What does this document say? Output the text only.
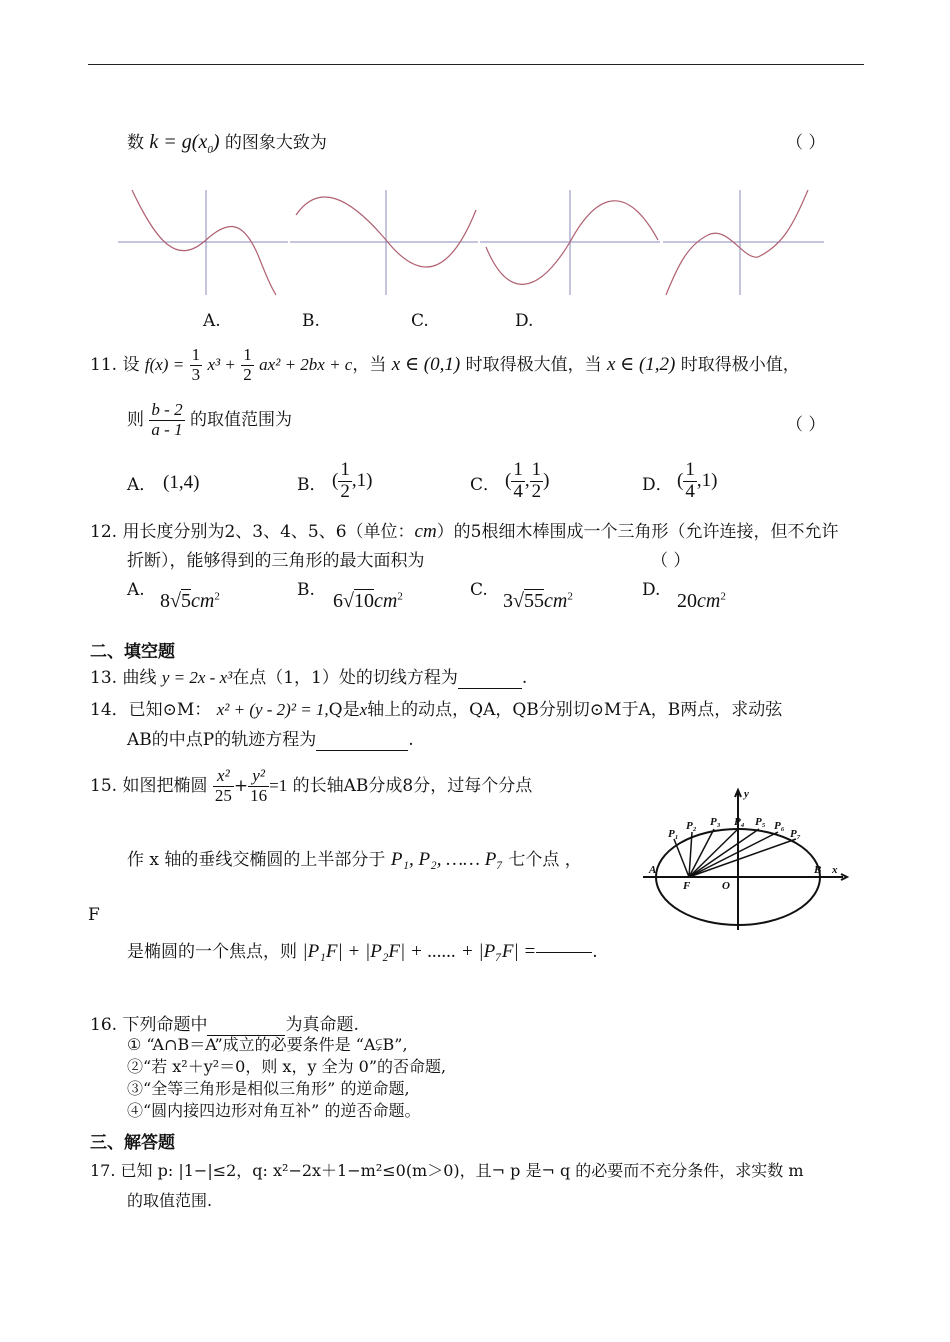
数 $k = g(x_0)$ 的图象大致为	（ ）
A.	B.	C.	D.
11. 设 $f(x) = \frac{1}{3} x^3 + \frac{1}{2} ax^2 + 2bx + c$，当 x ∈ (0,1) 时取得极大值，当 x ∈ (1,2) 时取得极小值，
则 $\frac{b - 2}{a - 1}$ 的取值范围为	（ ）
A． (1,4)	B． ( $\frac{1}{2} ,1$)	C． ( $\frac{1}{4}$ , $\frac{1}{2}$ )	D． ( $\frac{1}{4} ,1$)
12. 用长度分别为2、3、4、5、6（单位：cm）的5根细木棒围成一个三角形（允许连接，但不允许
折断），能够得到的三角形的最大面积为	（ ）
A. $8√5cm^2$	B. $6√10cm^2$	C. $3√55cm^2$	D. $20cm^2$
二、填空题
13. 曲线 y = 2x - x³在点（1，1）处的切线方程为	.
14．已知⊙M： x² + (y - 2)² = 1,Q是x轴上的动点，QA，QB分别切⊙M于A，B两点，求动弦
AB的中点P的轨迹方程为	.
15. 如图把椭圆 $\frac{\text{x²}}{25} + \frac{\text{y²}}{16} =1$ 的长轴AB分成8分，过每个分点
作 x 轴的垂线交椭圆的上半部分于 P₁, P₂, …… P₇ 七个点 ，
F
是椭圆的一个焦点，则 |P₁F| + |P₂F| + ...... + |P₇F| =	.
y
x
A	B
F	O
P₁
P₂ P₃ P₄ P₅ P₆
P₇
16. 下列命题中	为真命题.
① “A∩B＝A”成立的必要条件是 “A⫋B”,
②“若 x²＋y²＝0，则 x，y 全为 0”的否命题,
③“全等三角形是相似三角形” 的逆命题,
④“圆内接四边形对角互补” 的逆否命题。
三、解答题
17. 已知 p: |1−|≤2，q: x²−2x＋1−m²≤0(m＞0)，且¬ p 是¬ q 的必要而不充分条件，求实数 m
的取值范围.
